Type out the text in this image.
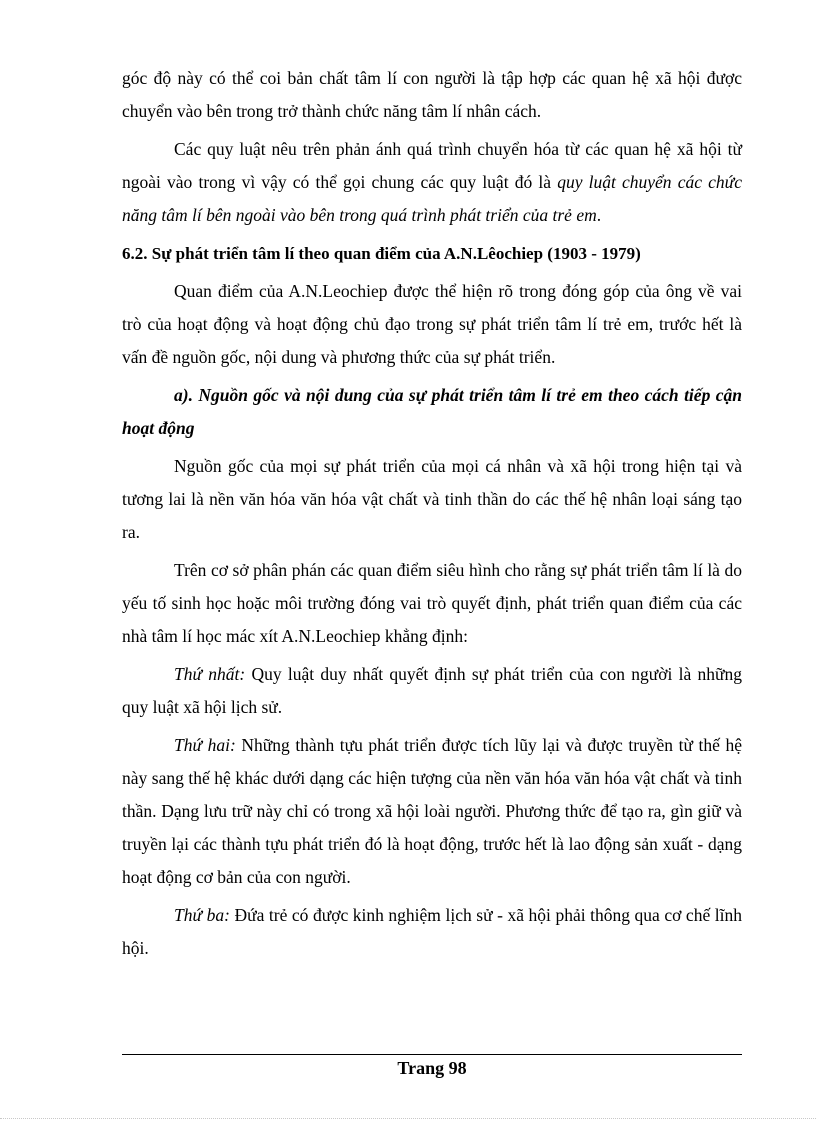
góc độ này có thể coi bản chất tâm lí con người là tập hợp các quan hệ xã hội được chuyển vào bên trong trở thành chức năng tâm lí nhân cách.

Các quy luật nêu trên phản ánh quá trình chuyển hóa từ các quan hệ xã hội từ ngoài vào trong vì vậy có thể gọi chung các quy luật đó là quy luật chuyển các chức năng tâm lí bên ngoài vào bên trong quá trình phát triển của trẻ em.

6.2. Sự phát triển tâm lí theo quan điểm của A.N.Lêochiep (1903 - 1979)

Quan điểm của A.N.Leochiep được thể hiện rõ trong đóng góp của ông về vai trò của hoạt động và hoạt động chủ đạo trong sự phát triển tâm lí trẻ em, trước hết là vấn đề nguồn gốc, nội dung và phương thức của sự phát triển.

a). Nguồn gốc và nội dung của sự phát triển tâm lí trẻ em theo cách tiếp cận hoạt động

Nguồn gốc của mọi sự phát triển của mọi cá nhân và xã hội trong hiện tại và tương lai là nền văn hóa văn hóa vật chất và tinh thần do các thế hệ nhân loại sáng tạo ra.

Trên cơ sở phân phán các quan điểm siêu hình cho rằng sự phát triển tâm lí là do yếu tố sinh học hoặc môi trường đóng vai trò quyết định, phát triển quan điểm của các nhà tâm lí học mác xít A.N.Leochiep khẳng định:

Thứ nhất: Quy luật duy nhất quyết định sự phát triển của con người là những quy luật xã hội lịch sử.

Thứ hai: Những thành tựu phát triển được tích lũy lại và được truyền từ thế hệ này sang thế hệ khác dưới dạng các hiện tượng của nền văn hóa văn hóa vật chất và tinh thần. Dạng lưu trữ này chỉ có trong xã hội loài người. Phương thức để tạo ra, gìn giữ và truyền lại các thành tựu phát triển đó là hoạt động, trước hết là lao động sản xuất - dạng hoạt động cơ bản của con người.

Thứ ba: Đứa trẻ có được kinh nghiệm lịch sử - xã hội phải thông qua cơ chế lĩnh hội.

Trang 98
